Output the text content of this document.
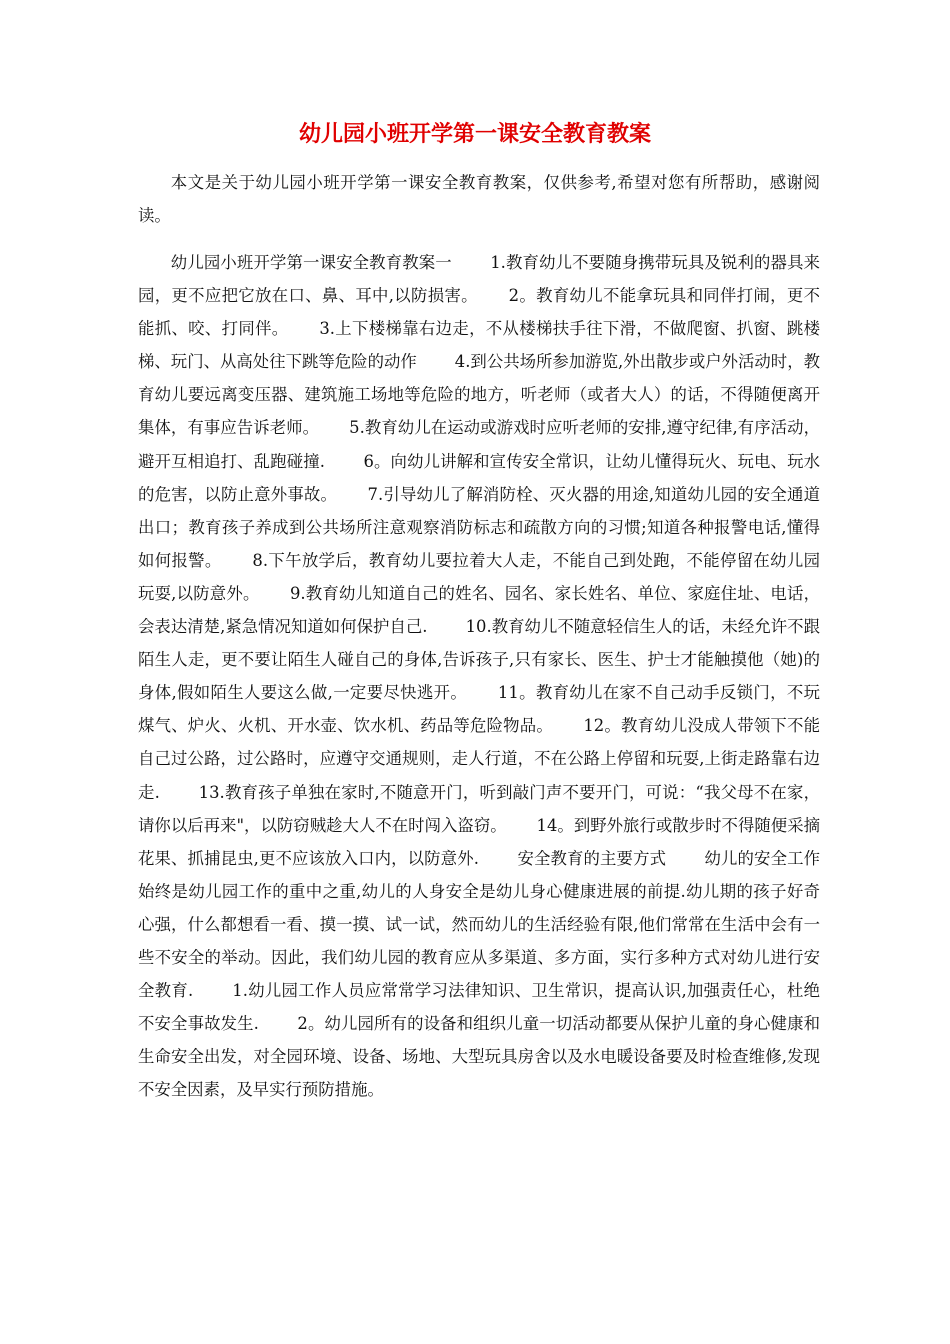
幼儿园小班开学第一课安全教育教案

本文是关于幼儿园小班开学第一课安全教育教案，仅供参考,希望对您有所帮助，感谢阅读。

幼儿园小班开学第一课安全教育教案一　　 1.教育幼儿不要随身携带玩具及锐利的器具来园，更不应把它放在口、鼻、耳中,以防损害。　　 2。教育幼儿不能拿玩具和同伴打闹，更不能抓、咬、打同伴。　　 3.上下楼梯靠右边走，不从楼梯扶手往下滑，不做爬窗、扒窗、跳楼梯、玩门、从高处往下跳等危险的动作　　 4.到公共场所参加游览,外出散步或户外活动时，教育幼儿要远离变压器、建筑施工场地等危险的地方，听老师（或者大人）的话，不得随便离开集体，有事应告诉老师。　　 5.教育幼儿在运动或游戏时应听老师的安排,遵守纪律,有序活动，避开互相追打、乱跑碰撞.　　 6。向幼儿讲解和宣传安全常识，让幼儿懂得玩火、玩电、玩水的危害，以防止意外事故。　　 7.引导幼儿了解消防栓、灭火器的用途,知道幼儿园的安全通道出口；教育孩子养成到公共场所注意观察消防标志和疏散方向的习惯;知道各种报警电话,懂得如何报警。　　 8.下午放学后，教育幼儿要拉着大人走，不能自己到处跑，不能停留在幼儿园玩耍,以防意外。　　 9.教育幼儿知道自己的姓名、园名、家长姓名、单位、家庭住址、电话，会表达清楚,紧急情况知道如何保护自己.　　 10.教育幼儿不随意轻信生人的话，未经允许不跟陌生人走，更不要让陌生人碰自己的身体,告诉孩子,只有家长、医生、护士才能触摸他（她)的身体,假如陌生人要这么做,一定要尽快逃开。　　 11。教育幼儿在家不自己动手反锁门，不玩煤气、炉火、火机、开水壶、饮水机、药品等危险物品。　　 12。教育幼儿没成人带领下不能自己过公路，过公路时，应遵守交通规则，走人行道，不在公路上停留和玩耍,上街走路靠右边走.　　 13.教育孩子单独在家时,不随意开门，听到敲门声不要开门，可说：“我父母不在家，请你以后再来"，以防窃贼趁大人不在时闯入盗窃。　　 14。到野外旅行或散步时不得随便采摘花果、抓捕昆虫,更不应该放入口内，以防意外.　　 安全教育的主要方式　　 幼儿的安全工作始终是幼儿园工作的重中之重,幼儿的人身安全是幼儿身心健康进展的前提.幼儿期的孩子好奇心强，什么都想看一看、摸一摸、试一试，然而幼儿的生活经验有限,他们常常在生活中会有一些不安全的举动。因此，我们幼儿园的教育应从多渠道、多方面，实行多种方式对幼儿进行安全教育.　　 1.幼儿园工作人员应常常学习法律知识、卫生常识，提高认识,加强责任心，杜绝不安全事故发生.　　 2。幼儿园所有的设备和组织儿童一切活动都要从保护儿童的身心健康和生命安全出发，对全园环境、设备、场地、大型玩具房舍以及水电暖设备要及时检查维修,发现不安全因素，及早实行预防措施。
